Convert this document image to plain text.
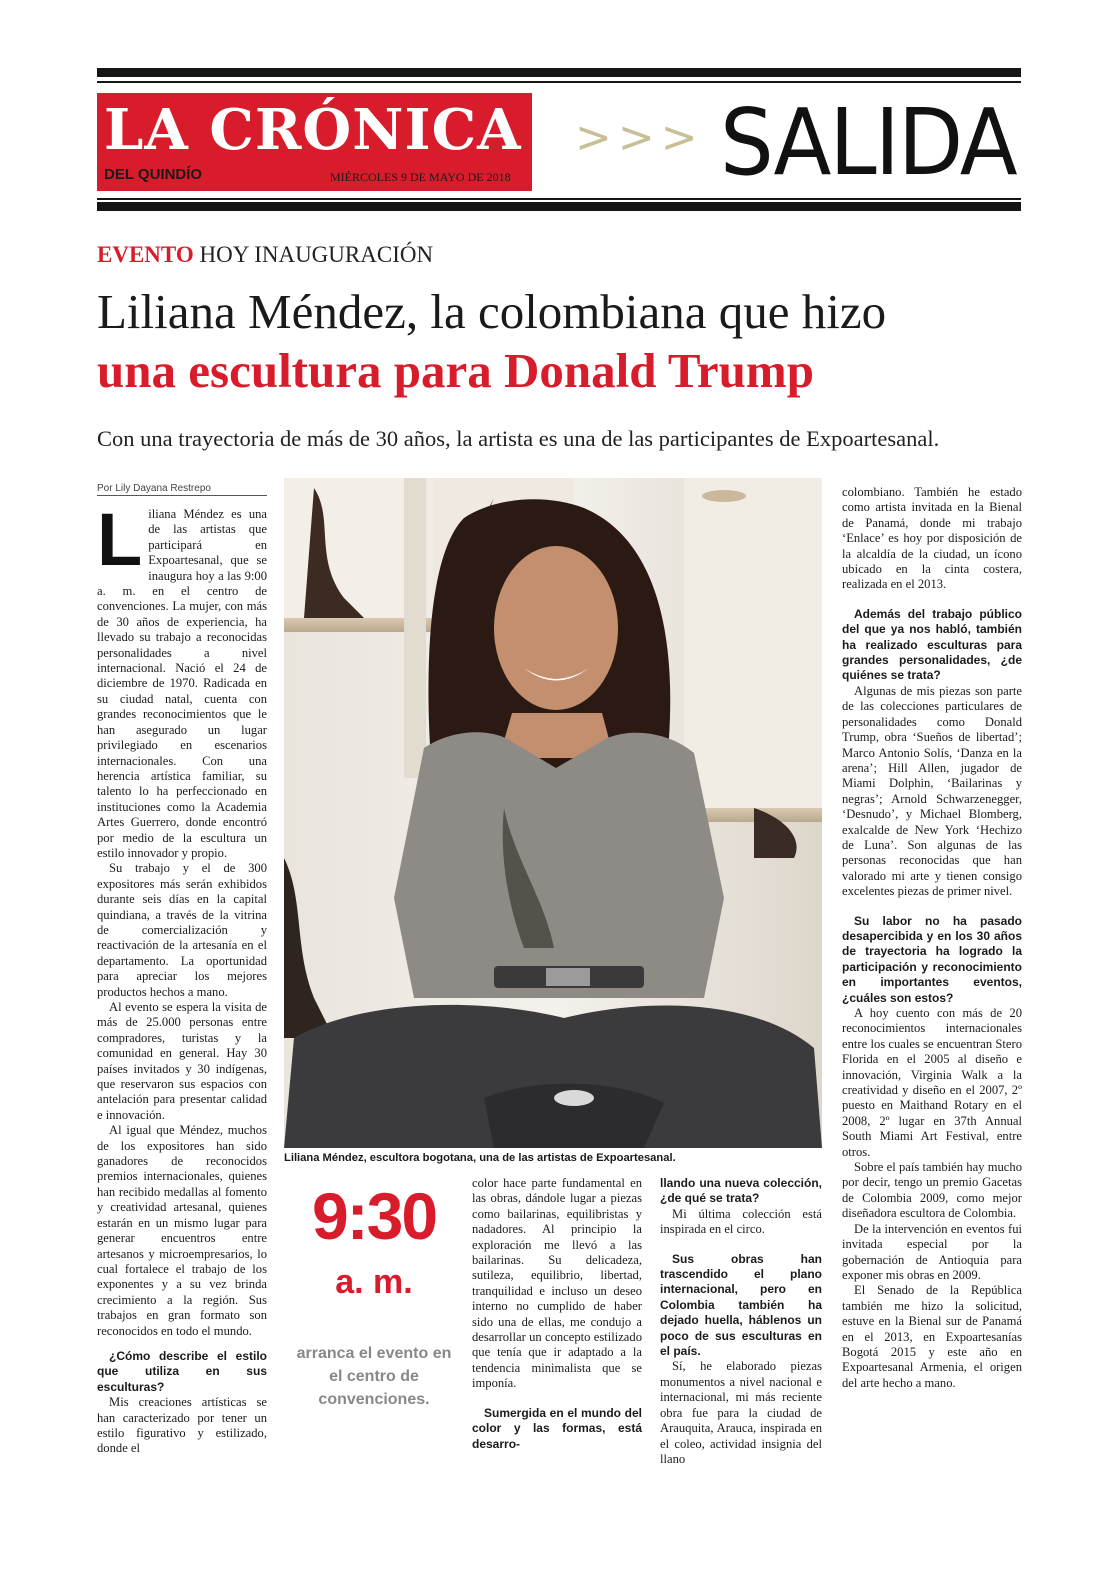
LA CRÓNICA
DEL QUINDÍO	MIÉRCOLES 9 DE MAYO DE 2018
>>> SALIDA
EVENTO HOY INAUGURACIÓN
Liliana Méndez, la colombiana que hizo
una escultura para Donald Trump
Con una trayectoria de más de 30 años, la artista es una de las participantes de Expoartesanal.
Por Lily Dayana Restrepo

Liliana Méndez es una de las artistas que participará en Expoartesanal, que se inaugura hoy a las 9:00 a. m. en el centro de convenciones. La mujer, con más de 30 años de experiencia, ha llevado su trabajo a reconocidas personalidades a nivel internacional. Nació el 24 de diciembre de 1970. Radicada en su ciudad natal, cuenta con grandes reconocimientos que le han asegurado un lugar privilegiado en escenarios internacionales. Con una herencia artística familiar, su talento lo ha perfeccionado en instituciones como la Academia Artes Guerrero, donde encontró por medio de la escultura un estilo innovador y propio.

Su trabajo y el de 300 expositores más serán exhibidos durante seis días en la capital quindiana, a través de la vitrina de comercialización y reactivación de la artesanía en el departamento. La oportunidad para apreciar los mejores productos hechos a mano.

Al evento se espera la visita de más de 25.000 personas entre compradores, turistas y la comunidad en general. Hay 30 países invitados y 30 indígenas, que reservaron sus espacios con antelación para presentar calidad e innovación.

Al igual que Méndez, muchos de los expositores han sido ganadores de reconocidos premios internacionales, quienes han recibido medallas al fomento y creatividad artesanal, quienes estarán en un mismo lugar para generar encuentros entre artesanos y microempresarios, lo cual fortalece el trabajo de los exponentes y a su vez brinda crecimiento a la región. Sus trabajos en gran formato son reconocidos en todo el mundo.

¿Cómo describe el estilo que utiliza en sus esculturas?

Mis creaciones artísticas se han caracterizado por tener un estilo figurativo y estilizado, donde el

Liliana Méndez, escultora bogotana, una de las artistas de Expoartesanal.
9:30
a. m.
arranca el evento en el centro de convenciones.

color hace parte fundamental en las obras, dándole lugar a piezas como bailarinas, equilibristas y nadadores. Al principio la exploración me llevó a las bailarinas. Su delicadeza, sutileza, equilibrio, libertad, tranquilidad e incluso un deseo interno no cumplido de haber sido una de ellas, me condujo a desarrollar un concepto estilizado que tenía que ir adaptado a la tendencia minimalista que se imponía.

Sumergida en el mundo del color y las formas, está desarro-

llando una nueva colección, ¿de qué se trata?

Mi última colección está inspirada en el circo.

Sus obras han trascendido el plano internacional, pero en Colombia también ha dejado huella, háblenos un poco de sus esculturas en el país.

Sí, he elaborado piezas monumentos a nivel nacional e internacional, mi más reciente obra fue para la ciudad de Arauquita, Arauca, inspirada en el coleo, actividad insignia del llano

colombiano. También he estado como artista invitada en la Bienal de Panamá, donde mi trabajo ‘Enlace’ es hoy por disposición de la alcaldía de la ciudad, un ícono ubicado en la cinta costera, realizada en el 2013.

Además del trabajo público del que ya nos habló, también ha realizado esculturas para grandes personalidades, ¿de quiénes se trata?

Algunas de mis piezas son parte de las colecciones particulares de personalidades como Donald Trump, obra ‘Sueños de libertad’; Marco Antonio Solís, ‘Danza en la arena’; Hill Allen, jugador de Miami Dolphin, ‘Bailarinas y negras’; Arnold Schwarzenegger, ‘Desnudo’, y Michael Blomberg, exalcalde de New York ‘Hechizo de Luna’. Son algunas de las personas reconocidas que han valorado mi arte y tienen consigo excelentes piezas de primer nivel.

Su labor no ha pasado desapercibida y en los 30 años de trayectoria ha logrado la participación y reconocimiento en importantes eventos, ¿cuáles son estos?

A hoy cuento con más de 20 reconocimientos internacionales entre los cuales se encuentran Stero Florida en el 2005 al diseño e innovación, Virginia Walk a la creatividad y diseño en el 2007, 2º puesto en Maithand Rotary en el 2008, 2º lugar en 37th Annual South Miami Art Festival, entre otros.

Sobre el país también hay mucho por decir, tengo un premio Gacetas de Colombia 2009, como mejor diseñadora escultora de Colombia.

De la intervención en eventos fui invitada especial por la gobernación de Antioquia para exponer mis obras en 2009.

El Senado de la República también me hizo la solicitud, estuve en la Bienal sur de Panamá en el 2013, en Expoartesanías Bogotá 2015 y este año en Expoartesanal Armenia, el origen del arte hecho a mano.
